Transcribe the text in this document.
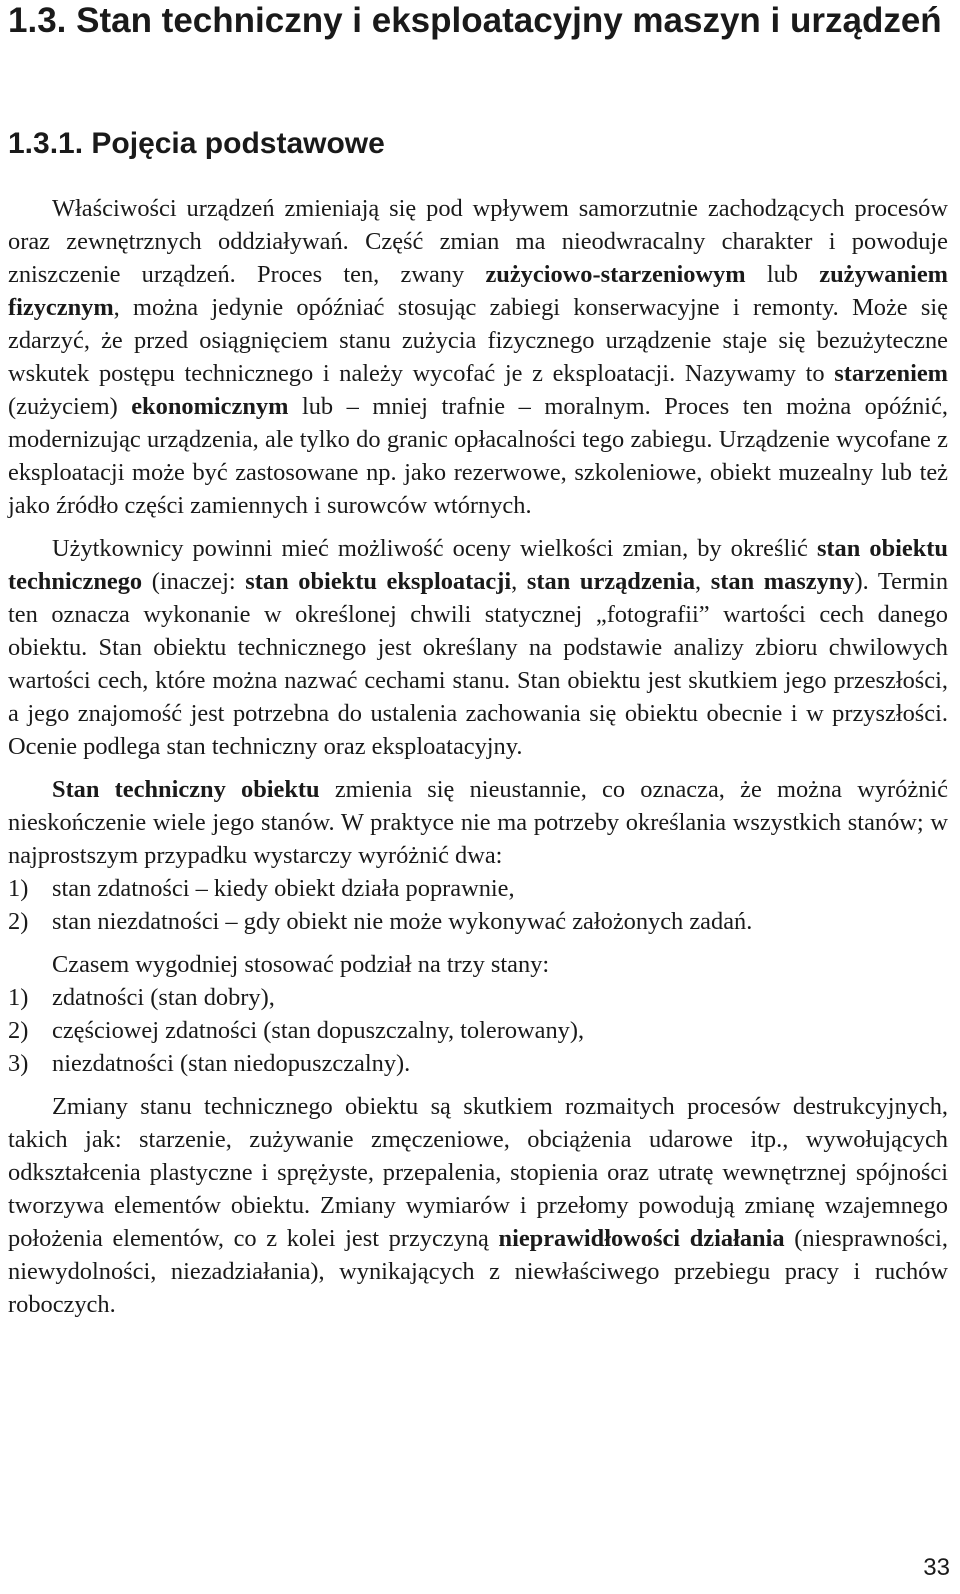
1.3. Stan techniczny i eksploatacyjny maszyn i urządzeń
1.3.1. Pojęcia podstawowe

Właściwości urządzeń zmieniają się pod wpływem samorzutnie zachodzących procesów oraz zewnętrznych oddziaływań. Część zmian ma nieodwracalny charakter i powoduje zniszczenie urządzeń. Proces ten, zwany zużyciowo-starzeniowym lub zużywaniem fizycznym, można jedynie opóźniać stosując zabiegi konserwacyjne i remonty. Może się zdarzyć, że przed osiągnięciem stanu zużycia fizycznego urządzenie staje się bezużyteczne wskutek postępu technicznego i należy wycofać je z eksploatacji. Nazywamy to starzeniem (zużyciem) ekonomicznym lub – mniej trafnie – moralnym. Proces ten można opóźnić, modernizując urządzenia, ale tylko do granic opłacalności tego zabiegu. Urządzenie wycofane z eksploatacji może być zastosowane np. jako rezerwowe, szkoleniowe, obiekt muzealny lub też jako źródło części zamiennych i surowców wtórnych.

Użytkownicy powinni mieć możliwość oceny wielkości zmian, by określić stan obiektu technicznego (inaczej: stan obiektu eksploatacji, stan urządzenia, stan maszyny). Termin ten oznacza wykonanie w określonej chwili statycznej „fotografii” wartości cech danego obiektu. Stan obiektu technicznego jest określany na podstawie analizy zbioru chwilowych wartości cech, które można nazwać cechami stanu. Stan obiektu jest skutkiem jego przeszłości, a jego znajomość jest potrzebna do ustalenia zachowania się obiektu obecnie i w przyszłości. Ocenie podlega stan techniczny oraz eksploatacyjny.

Stan techniczny obiektu zmienia się nieustannie, co oznacza, że można wyróżnić nieskończenie wiele jego stanów. W praktyce nie ma potrzeby określania wszystkich stanów; w najprostszym przypadku wystarczy wyróżnić dwa:

1) stan zdatności – kiedy obiekt działa poprawnie,
2) stan niezdatności – gdy obiekt nie może wykonywać założonych zadań.

Czasem wygodniej stosować podział na trzy stany:

1) zdatności (stan dobry),
2) częściowej zdatności (stan dopuszczalny, tolerowany),
3) niezdatności (stan niedopuszczalny).

Zmiany stanu technicznego obiektu są skutkiem rozmaitych procesów destrukcyjnych, takich jak: starzenie, zużywanie zmęczeniowe, obciążenia udarowe itp., wywołujących odkształcenia plastyczne i sprężyste, przepalenia, stopienia oraz utratę wewnętrznej spójności tworzywa elementów obiektu. Zmiany wymiarów i przełomy powodują zmianę wzajemnego położenia elementów, co z kolei jest przyczyną nieprawidłowości działania (niesprawności, niewydolności, niezadziałania), wynikających z niewłaściwego przebiegu pracy i ruchów roboczych.

33
